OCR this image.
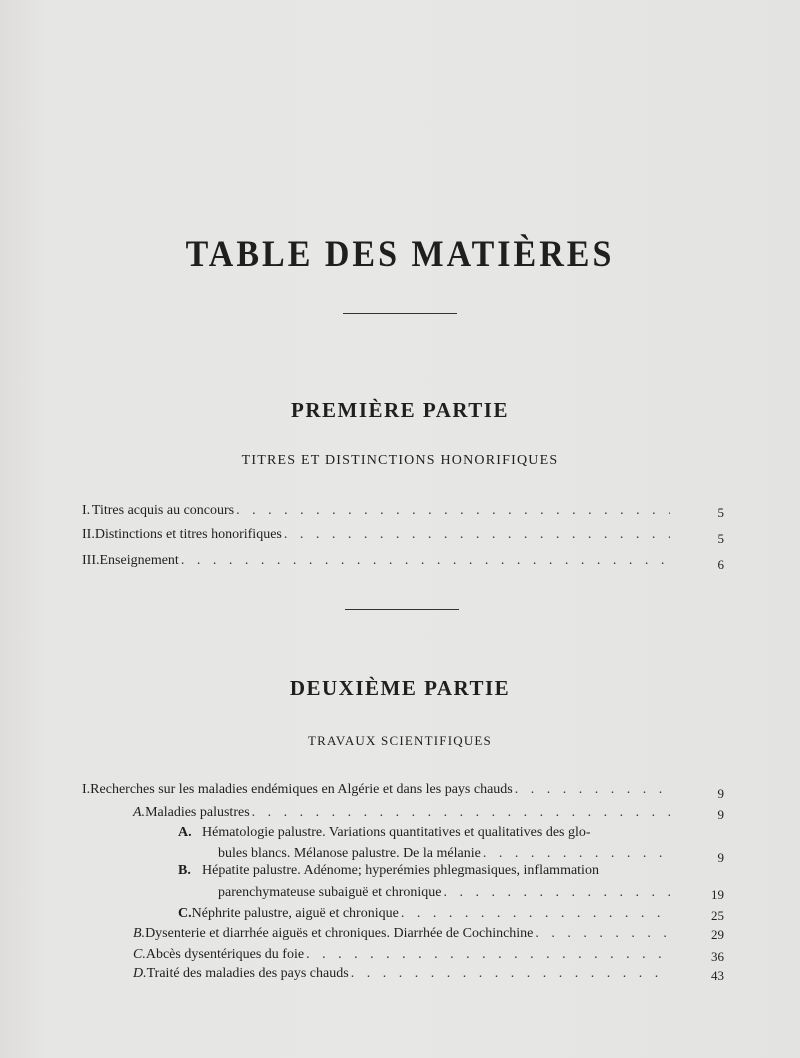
TABLE DES MATIÈRES
PREMIÈRE PARTIE
TITRES ET DISTINCTIONS HONORIFIQUES
I. Titres acquis au concours . . .	5
II. Distinctions et titres honorifiques . . .	5
III. Enseignement . . .	6
DEUXIÈME PARTIE
TRAVAUX SCIENTIFIQUES
I. Recherches sur les maladies endémiques en Algérie et dans les pays chauds . . .	9
A. Maladies palustres . . .	9
A. Hématologie palustre. Variations quantitatives et qualitatives des glo-
bules blancs. Mélanose palustre. De la mélanie . . .	9
B. Hépatite palustre. Adénome; hyperémies phlegmasiques, inflammation
parenchymateuse subaiguë et chronique . . .	19
C. Néphrite palustre, aiguë et chronique . . .	25
B. Dysenterie et diarrhée aiguës et chroniques. Diarrhée de Cochinchine . . .	29
C. Abcès dysentériques du foie . . .	36
D. Traité des maladies des pays chauds . . .	43
